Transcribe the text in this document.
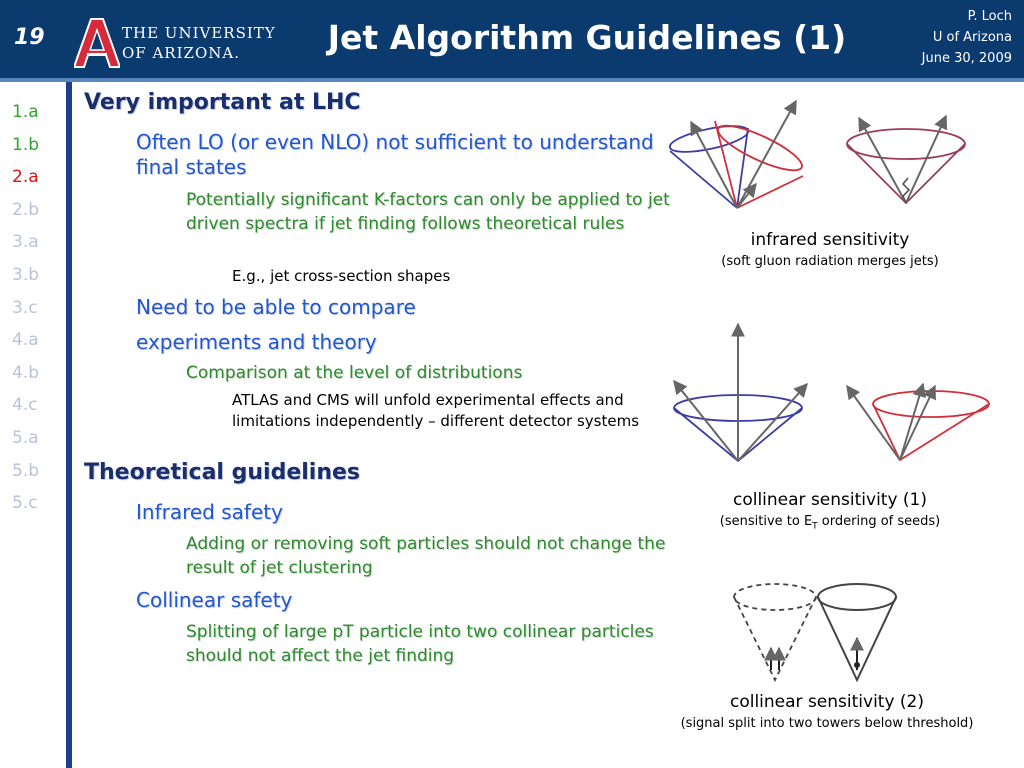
19	THE UNIVERSITY
OF ARIZONA.	Jet Algorithm Guidelines (1)
P. Loch
U of Arizona
June 30, 2009
1.a
1.b
2.a
2.b
3.a
3.b
3.c
4.a
4.b
4.c
5.a
5.b
5.c
Very important at LHC
Often LO (or even NLO) not sufficient to understand final states
Potentially significant K-factors can only be applied to jet driven spectra if jet finding follows theoretical rules
E.g., jet cross-section shapes
Need to be able to compare
experiments and theory
Comparison at the level of distributions
ATLAS and CMS will unfold experimental effects and limitations independently – different detector systems
Theoretical guidelines
Infrared safety
Adding or removing soft particles should not change the result of jet clustering
Collinear safety
Splitting of large pT particle into two collinear particles should not affect the jet finding
infrared sensitivity
(soft gluon radiation merges jets)
collinear sensitivity (1)
(sensitive to $E_T$ ordering of seeds)
collinear sensitivity (2)
(signal split into two towers below threshold)
